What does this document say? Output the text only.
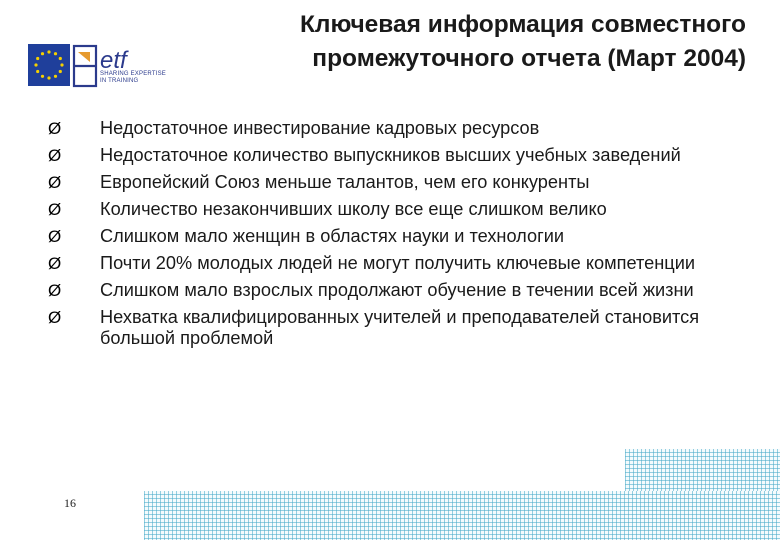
etf
SHARING EXPERTISE
IN TRAINING
Ключевая информация совместного
промежуточного отчета (Март 2004)
Ø	Недостаточное инвестирование кадровых ресурсов
Ø	Недостаточное количество выпускников высших учебных заведений
Ø	Европейский Союз меньше талантов, чем его конкуренты
Ø	Количество незакончивших школу все еще слишком велико
Ø	Слишком мало женщин в областях науки и технологии
Ø	Почти 20% молодых людей не могут получить ключевые компетенции
Ø	Слишком мало взрослых продолжают обучение в течении всей жизни
Ø	Нехватка квалифицированных учителей и преподавателей становится большой проблемой
16
